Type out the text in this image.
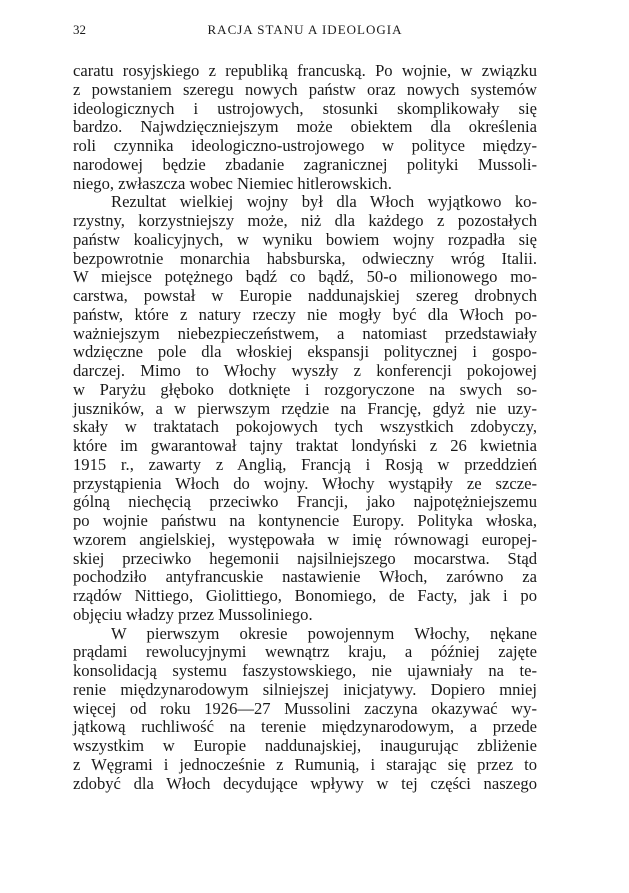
32	RACJA STANU A IDEOLOGIA
caratu rosyjskiego z republiką francuską. Po wojnie, w związku
z powstaniem szeregu nowych państw oraz nowych systemów
ideologicznych i ustrojowych, stosunki skomplikowały się
bardzo. Najwdzięczniejszym może obiektem dla określenia
roli czynnika ideologiczno-ustrojowego w polityce między-
narodowej będzie zbadanie zagranicznej polityki Mussoli-
niego, zwłaszcza wobec Niemiec hitlerowskich.
Rezultat wielkiej wojny był dla Włoch wyjątkowo ko-
rzystny, korzystniejszy może, niż dla każdego z pozostałych
państw koalicyjnych, w wyniku bowiem wojny rozpadła się
bezpowrotnie monarchia habsburska, odwieczny wróg Italii.
W miejsce potężnego bądź co bądź, 50-o milionowego mo-
carstwa, powstał w Europie naddunajskiej szereg drobnych
państw, które z natury rzeczy nie mogły być dla Włoch po-
ważniejszym niebezpieczeństwem, a natomiast przedstawiały
wdzięczne pole dla włoskiej ekspansji politycznej i gospo-
darczej. Mimo to Włochy wyszły z konferencji pokojowej
w Paryżu głęboko dotknięte i rozgoryczone na swych so-
juszników, a w pierwszym rzędzie na Francję, gdyż nie uzy-
skały w traktatach pokojowych tych wszystkich zdobyczy,
które im gwarantował tajny traktat londyński z 26 kwietnia
1915 r., zawarty z Anglią, Francją i Rosją w przeddzień
przystąpienia Włoch do wojny. Włochy wystąpiły ze szcze-
gólną niechęcią przeciwko Francji, jako najpotężniejszemu
po wojnie państwu na kontynencie Europy. Polityka włoska,
wzorem angielskiej, występowała w imię równowagi europej-
skiej przeciwko hegemonii najsilniejszego mocarstwa. Stąd
pochodziło antyfrancuskie nastawienie Włoch, zarówno za
rządów Nittiego, Giolittiego, Bonomiego, de Facty, jak i po
objęciu władzy przez Mussoliniego.
W pierwszym okresie powojennym Włochy, nękane
prądami rewolucyjnymi wewnątrz kraju, a później zajęte
konsolidacją systemu faszystowskiego, nie ujawniały na te-
renie międzynarodowym silniejszej inicjatywy. Dopiero mniej
więcej od roku 1926—27 Mussolini zaczyna okazywać wy-
jątkową ruchliwość na terenie międzynarodowym, a przede
wszystkim w Europie naddunajskiej, inaugurując zbliżenie
z Węgrami i jednocześnie z Rumunią, i starając się przez to
zdobyć dla Włoch decydujące wpływy w tej części naszego
